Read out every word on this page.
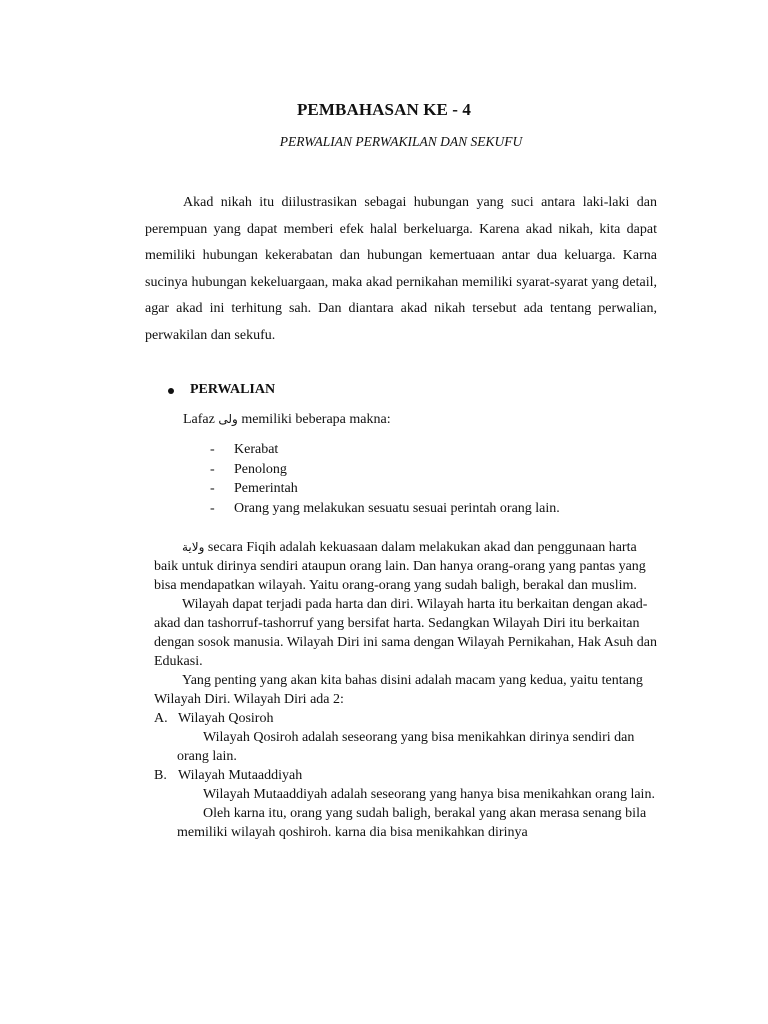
PEMBAHASAN KE - 4
PERWALIAN PERWAKILAN DAN SEKUFU

Akad nikah itu diilustrasikan sebagai hubungan yang suci antara laki-laki dan perempuan yang dapat memberi efek halal berkeluarga. Karena akad nikah, kita dapat memiliki hubungan kekerabatan dan hubungan kemertuaan antar dua keluarga. Karna sucinya hubungan kekeluargaan, maka akad pernikahan memiliki syarat-syarat yang detail, agar akad ini terhitung sah. Dan diantara akad nikah tersebut ada tentang perwalian, perwakilan dan sekufu.

PERWALIAN
Lafaz ولى memiliki beberapa makna:
-	Kerabat
-	Penolong
-	Pemerintah
-	Orang yang melakukan sesuatu sesuai perintah orang lain.

ولاية secara Fiqih adalah kekuasaan dalam melakukan akad dan penggunaan harta baik untuk dirinya sendiri ataupun orang lain. Dan hanya orang-orang yang pantas yang bisa mendapatkan wilayah. Yaitu orang-orang yang sudah baligh, berakal dan muslim.

Wilayah dapat terjadi pada harta dan diri. Wilayah harta itu berkaitan dengan akad-akad dan tashorruf-tashorruf yang bersifat harta. Sedangkan Wilayah Diri itu berkaitan dengan sosok manusia. Wilayah Diri ini sama dengan Wilayah Pernikahan, Hak Asuh dan Edukasi.

Yang penting yang akan kita bahas disini adalah macam yang kedua, yaitu tentang Wilayah Diri. Wilayah Diri ada 2:

A. Wilayah Qosiroh

Wilayah Qosiroh adalah seseorang yang bisa menikahkan dirinya sendiri dan orang lain.

B. Wilayah Mutaaddiyah

Wilayah Mutaaddiyah adalah seseorang yang hanya bisa menikahkan orang lain.

Oleh karna itu, orang yang sudah baligh, berakal yang akan merasa senang bila memiliki wilayah qoshiroh. karna dia bisa menikahkan dirinya
